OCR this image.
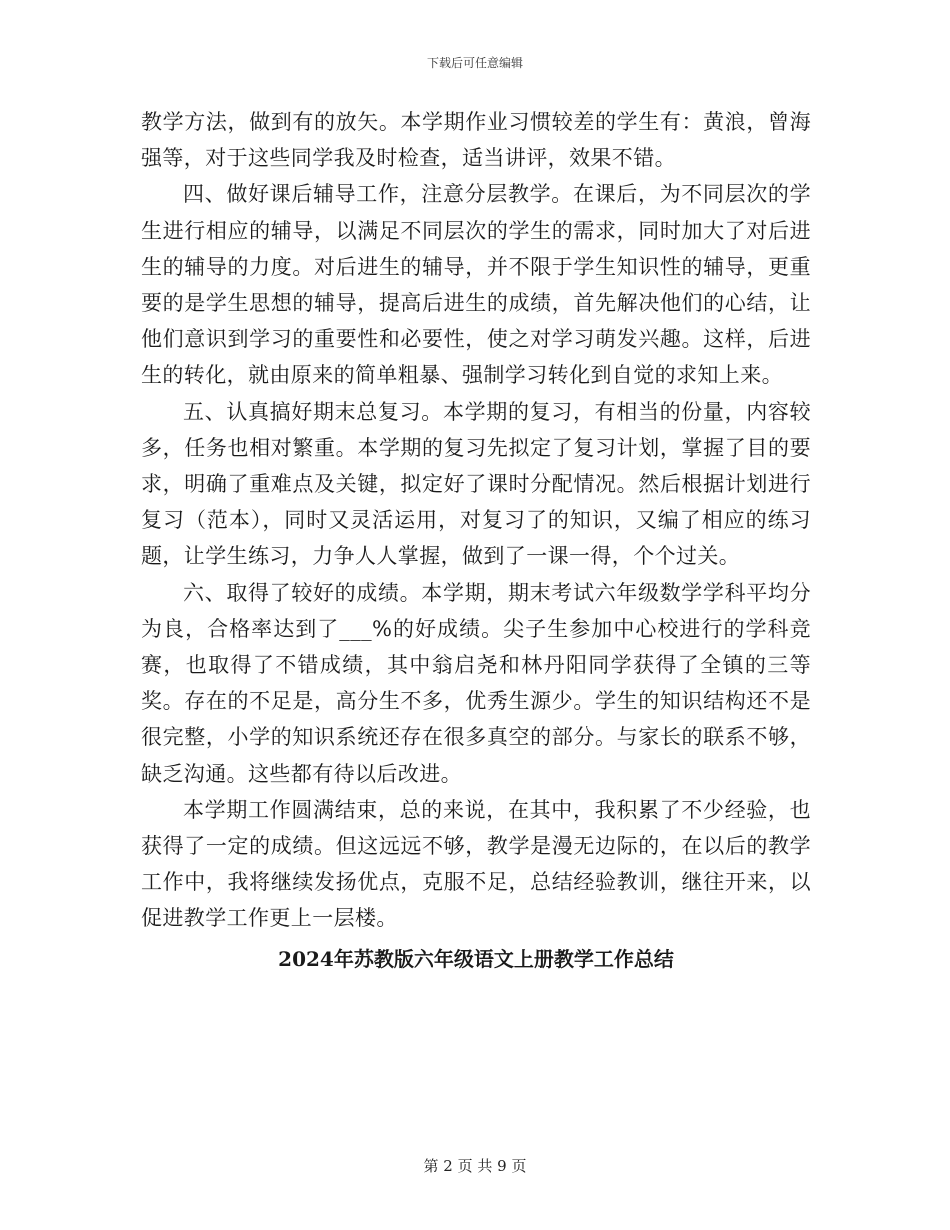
下载后可任意编辑

教学方法，做到有的放矢。本学期作业习惯较差的学生有：黄浪，曾海强等，对于这些同学我及时检查，适当讲评，效果不错。

四、做好课后辅导工作，注意分层教学。在课后，为不同层次的学生进行相应的辅导，以满足不同层次的学生的需求，同时加大了对后进生的辅导的力度。对后进生的辅导，并不限于学生知识性的辅导，更重要的是学生思想的辅导，提高后进生的成绩，首先解决他们的心结，让他们意识到学习的重要性和必要性，使之对学习萌发兴趣。这样，后进生的转化，就由原来的简单粗暴、强制学习转化到自觉的求知上来。

五、认真搞好期末总复习。本学期的复习，有相当的份量，内容较多，任务也相对繁重。本学期的复习先拟定了复习计划，掌握了目的要求，明确了重难点及关键，拟定好了课时分配情况。然后根据计划进行复习（范本），同时又灵活运用，对复习了的知识，又编了相应的练习题，让学生练习，力争人人掌握，做到了一课一得，个个过关。

六、取得了较好的成绩。本学期，期末考试六年级数学学科平均分为良，合格率达到了___%的好成绩。尖子生参加中心校进行的学科竞赛，也取得了不错成绩，其中翁启尧和林丹阳同学获得了全镇的三等奖。存在的不足是，高分生不多，优秀生源少。学生的知识结构还不是很完整，小学的知识系统还存在很多真空的部分。与家长的联系不够，缺乏沟通。这些都有待以后改进。

本学期工作圆满结束，总的来说，在其中，我积累了不少经验，也获得了一定的成绩。但这远远不够，教学是漫无边际的，在以后的教学工作中，我将继续发扬优点，克服不足，总结经验教训，继往开来，以促进教学工作更上一层楼。

2024年苏教版六年级语文上册教学工作总结
第 2 页 共 9 页
